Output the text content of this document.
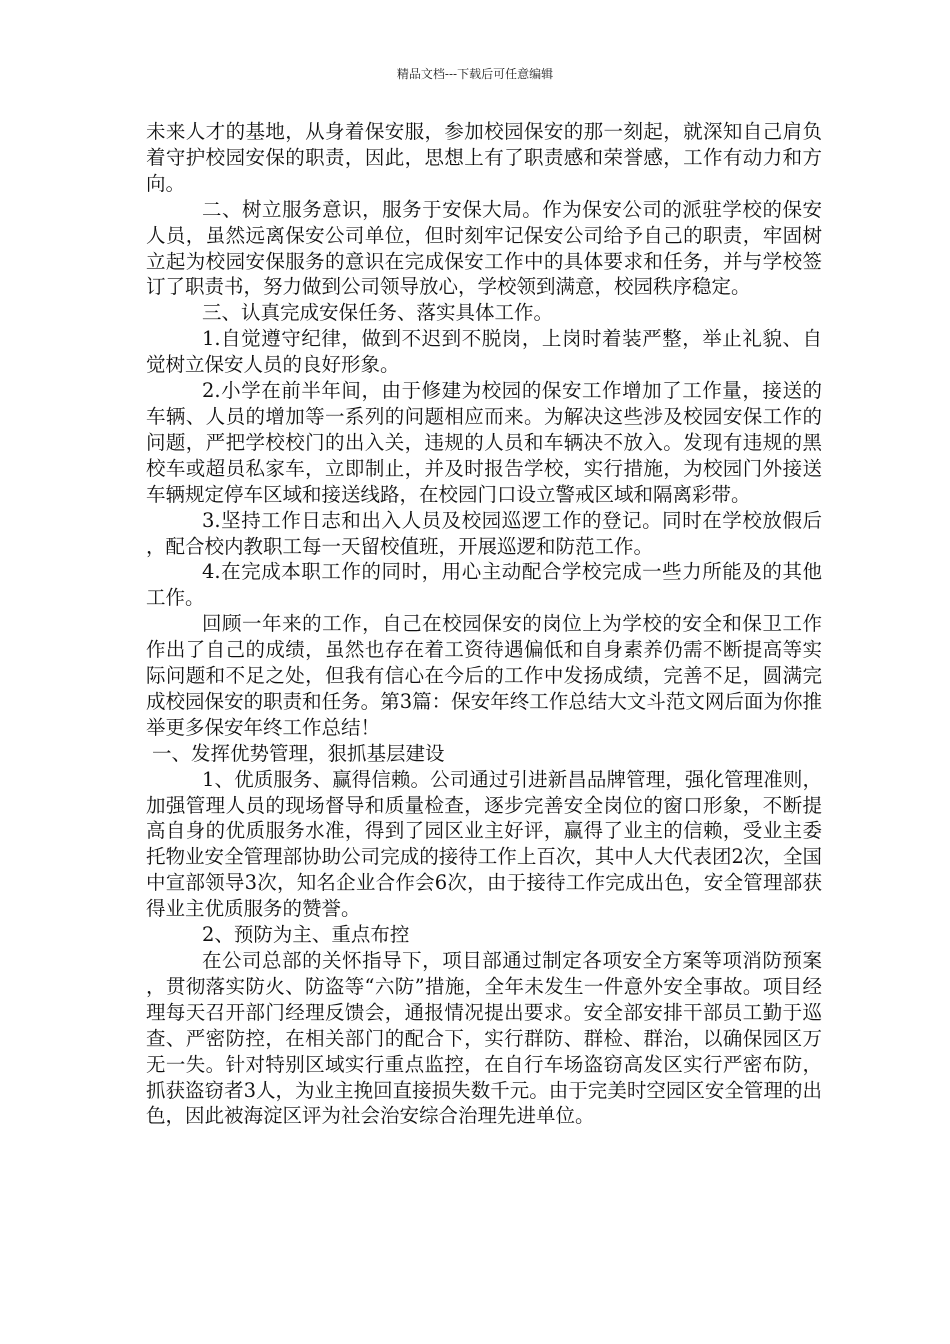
精品文档---下载后可任意编辑

未来人才的基地，从身着保安服，参加校园保安的那一刻起，就深知自己肩负着守护校园安保的职责，因此，思想上有了职责感和荣誉感，工作有动力和方向。

二、树立服务意识，服务于安保大局。作为保安公司的派驻学校的保安人员，虽然远离保安公司单位，但时刻牢记保安公司给予自己的职责，牢固树立起为校园安保服务的意识在完成保安工作中的具体要求和任务，并与学校签订了职责书，努力做到公司领导放心，学校领到满意，校园秩序稳定。

三、认真完成安保任务、落实具体工作。

1.自觉遵守纪律，做到不迟到不脱岗，上岗时着装严整，举止礼貌、自觉树立保安人员的良好形象。

2.小学在前半年间，由于修建为校园的保安工作增加了工作量，接送的车辆、人员的增加等一系列的问题相应而来。为解决这些涉及校园安保工作的问题，严把学校校门的出入关，违规的人员和车辆决不放入。发现有违规的黑校车或超员私家车，立即制止，并及时报告学校，实行措施，为校园门外接送车辆规定停车区域和接送线路，在校园门口设立警戒区域和隔离彩带。

3.坚持工作日志和出入人员及校园巡逻工作的登记。同时在学校放假后，配合校内教职工每一天留校值班，开展巡逻和防范工作。

4.在完成本职工作的同时，用心主动配合学校完成一些力所能及的其他工作。

回顾一年来的工作，自己在校园保安的岗位上为学校的安全和保卫工作作出了自己的成绩，虽然也存在着工资待遇偏低和自身素养仍需不断提高等实际问题和不足之处，但我有信心在今后的工作中发扬成绩，完善不足，圆满完成校园保安的职责和任务。第3篇：保安年终工作总结大文斗范文网后面为你推举更多保安年终工作总结！

一、发挥优势管理，狠抓基层建设

1、优质服务、赢得信赖。公司通过引进新昌品牌管理，强化管理准则，加强管理人员的现场督导和质量检查，逐步完善安全岗位的窗口形象，不断提高自身的优质服务水准，得到了园区业主好评，赢得了业主的信赖，受业主委托物业安全管理部协助公司完成的接待工作上百次，其中人大代表团2次，全国中宣部领导3次，知名企业合作会6次，由于接待工作完成出色，安全管理部获得业主优质服务的赞誉。

2、预防为主、重点布控

在公司总部的关怀指导下，项目部通过制定各项安全方案等项消防预案，贯彻落实防火、防盗等“六防”措施，全年未发生一件意外安全事故。项目经理每天召开部门经理反馈会，通报情况提出要求。安全部安排干部员工勤于巡查、严密防控，在相关部门的配合下，实行群防、群检、群治，以确保园区万无一失。针对特别区域实行重点监控，在自行车场盗窃高发区实行严密布防，抓获盗窃者3人，为业主挽回直接损失数千元。由于完美时空园区安全管理的出色，因此被海淀区评为社会治安综合治理先进单位。
